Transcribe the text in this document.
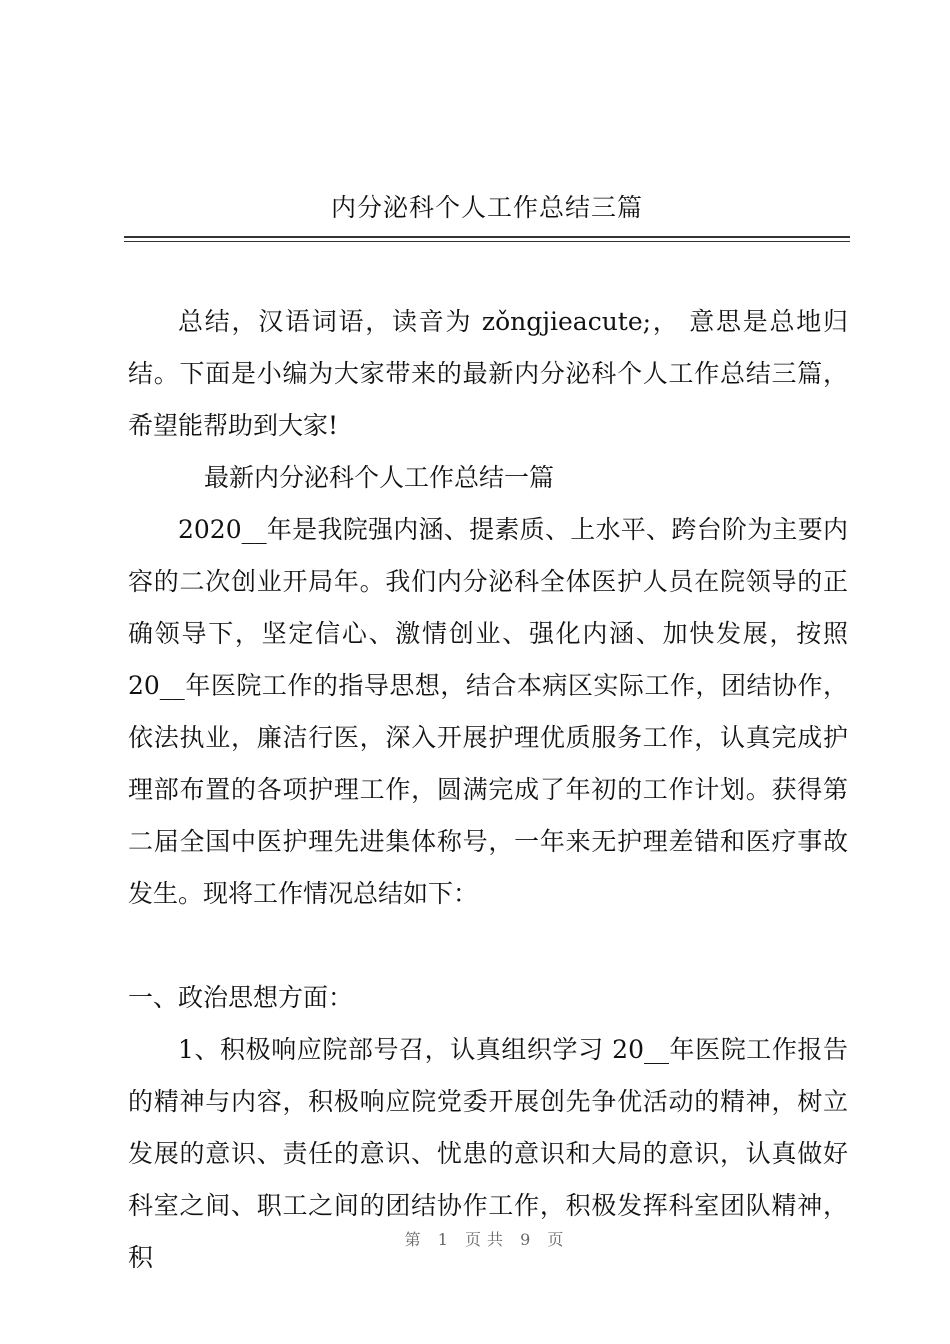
内分泌科个人工作总结三篇

总结，汉语词语，读音为 zǒngjieacute;， 意思是总地归结。下面是小编为大家带来的最新内分泌科个人工作总结三篇，希望能帮助到大家!

最新内分泌科个人工作总结一篇

2020__年是我院强内涵、提素质、上水平、跨台阶为主要内容的二次创业开局年。我们内分泌科全体医护人员在院领导的正确领导下，坚定信心、激情创业、强化内涵、加快发展，按照 20__年医院工作的指导思想，结合本病区实际工作，团结协作，依法执业，廉洁行医，深入开展护理优质服务工作，认真完成护理部布置的各项护理工作，圆满完成了年初的工作计划。获得第二届全国中医护理先进集体称号，一年来无护理差错和医疗事故发生。现将工作情况总结如下：

一、政治思想方面：

1、积极响应院部号召，认真组织学习 20__年医院工作报告的精神与内容，积极响应院党委开展创先争优活动的精神，树立发展的意识、责任的意识、忧患的意识和大局的意识，认真做好科室之间、职工之间的团结协作工作，积极发挥科室团队精神，积

第 1 页共 9 页
